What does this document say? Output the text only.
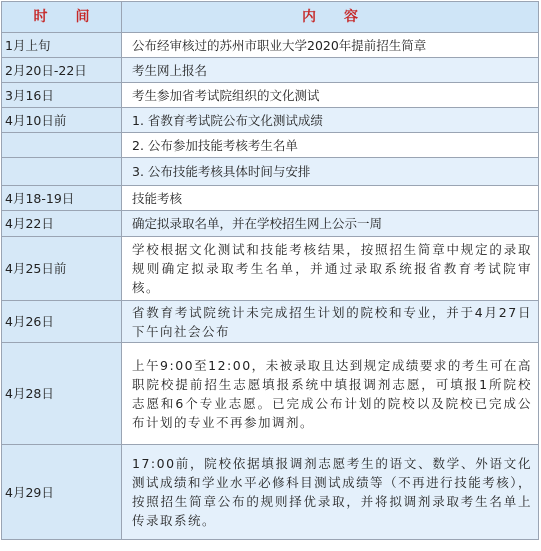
时　　间	内　　容
1月上旬	公布经审核过的苏州市职业大学2020年提前招生简章
2月20日-22日	考生网上报名
3月16日	考生参加省考试院组织的文化测试
4月10日前	1. 省教育考试院公布文化测试成绩
	2. 公布参加技能考核考生名单
	3. 公布技能考核具体时间与安排
4月18-19日	技能考核
4月22日	确定拟录取名单，并在学校招生网上公示一周
4月25日前	学校根据文化测试和技能考核结果，按照招生简章中规定的录取规则确定拟录取考生名单，并通过录取系统报省教育考试院审核。
4月26日	省教育考试院统计未完成招生计划的院校和专业，并于4月27日下午向社会公布
4月28日	上午9:00至12:00，未被录取且达到规定成绩要求的考生可在高职院校提前招生志愿填报系统中填报调剂志愿，可填报1所院校志愿和6个专业志愿。已完成公布计划的院校以及院校已完成公布计划的专业不再参加调剂。
4月29日	17:00前，院校依据填报调剂志愿考生的语文、数学、外语文化测试成绩和学业水平必修科目测试成绩等（不再进行技能考核），按照招生简章公布的规则择优录取，并将拟调剂录取考生名单上传录取系统。
